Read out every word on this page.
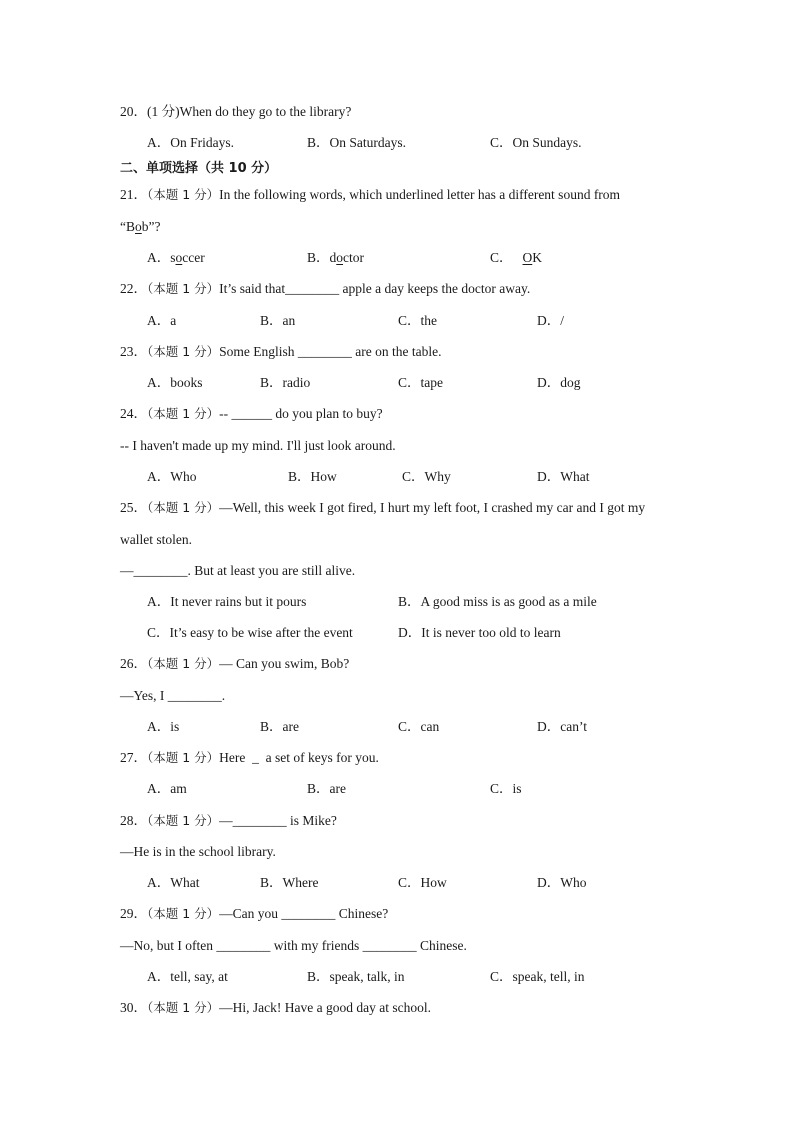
20．(1 分)When do they go to the library?
A．On Fridays.	B．On Saturdays.	C．On Sundays.
二、单项选择（共 10 分）
21．（本题 1 分）In the following words, which underlined letter has a different sound from
“Bob”?
A．soccer	B．doctor	C． OK
22．（本题 1 分）It’s said that________ apple a day keeps the doctor away.
A．a	B．an	C．the	D．/
23．（本题 1 分）Some English ________ are on the table.
A．books	B．radio	C．tape	D．dog
24．（本题 1 分）-- ______ do you plan to buy?
-- I haven't made up my mind. I'll just look around.
A．Who	B．How	C．Why	D．What
25．（本题 1 分）—Well, this week I got fired, I hurt my left foot, I crashed my car and I got my
wallet stolen.
—________. But at least you are still alive.
A．It never rains but it pours	B．A good miss is as good as a mile
C．It’s easy to be wise after the event	D．It is never too old to learn
26．（本题 1 分）— Can you swim, Bob?
—Yes, I ________.
A．is	B．are	C．can	D．can’t
27．（本题 1 分）Here  _  a set of keys for you.
A．am	B．are	C．is
28．（本题 1 分）—________ is Mike?
—He is in the school library.
A．What	B．Where	C．How	D．Who
29．（本题 1 分）—Can you ________ Chinese?
—No, but I often ________ with my friends ________ Chinese.
A．tell, say, at	B．speak, talk, in	C．speak, tell, in
30．（本题 1 分）—Hi, Jack! Have a good day at school.
